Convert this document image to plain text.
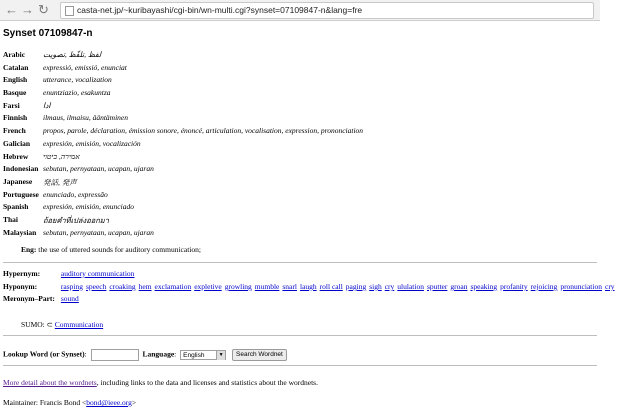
← → ↻	casta-net.jp/~kuribayashi/cgi-bin/wn-multi.cgi?synset=07109847-n&lang=fre
Synset 07109847-n
Arabic لفظ ,تلفّظ ,تصويت
Catalan expressió, emissió, enunciat
English utterance, vocalization
Basque enuntziazio, esakuntza
Farsi	ادا
Finnish ilmaus, ilmaisu, ääntäminen
French propos, parole, déclaration, émission sonore, énoncé, articulation, vocalisation, expression, prononciation
Galician expresión, emisión, vocalización
Hebrew אמירה, ביטוי
Indonesian sebutan, pernyataan, ucapan, ujaran
Japanese 発話, 発声
Portuguese enunciado, expressão
Spanish expresión, emisión, enunciado
Thai	ถ้อยคำที่เปล่งออกมา
Malaysian sebutan, pernyataan, ucapan, ujaran
Eng: the use of uttered sounds for auditory communication;
Hypernym:	auditory communication
Hyponym:	rasping speech croaking hem exclamation expletive growling mumble snarl laugh roll call paging sigh cry ululation sputter groan speaking profanity rejoicing pronunciation cry
Meronym–Part: sound
SUMO: ⊂ Communication
Lookup Word (or Synset):	Language: English	▼ Search Wordnet
More detail about the wordnets, including links to the data and licenses and statistics about the wordnets.
Maintainer: Francis Bond <bond@ieee.org>
